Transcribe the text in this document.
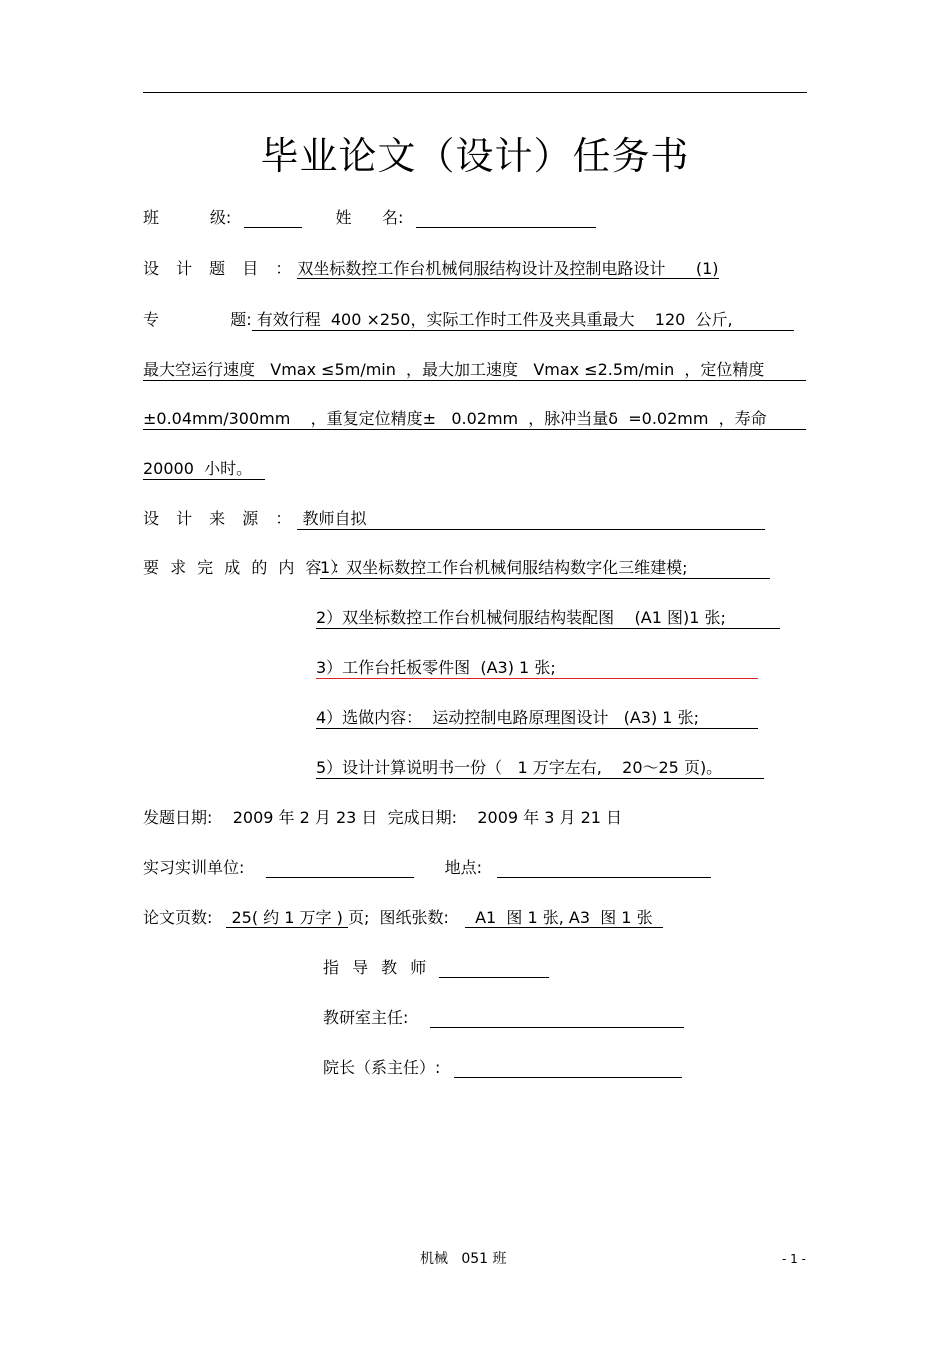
毕业论文（设计）任务书
班          级:	姓      名:
设 计 题 目 ：双坐标数控工作台机械伺服结构设计及控制电路设计      (1)
专              题: 有效行程  400 ×250，实际工作时工件及夹具重最大    120  公斤,
最大空运行速度   Vmax ≤5m/min  ，最大加工速度   Vmax ≤2.5m/min  ，定位精度
±0.04mm/300mm    ，重复定位精度±   0.02mm  ，脉冲当量δ  =0.02mm  ，寿命
20000  小时。
设 计 来 源 ： 教师自拟
要 求 完 成 的 内 容 ：
1）双坐标数控工作台机械伺服结构数字化三维建模;
2）双坐标数控工作台机械伺服结构装配图    (A1 图)1 张;
3）工作台托板零件图  (A3) 1 张;
4）选做内容：  运动控制电路原理图设计   (A3) 1 张;
5）设计计算说明书一份（   1 万字左右,    20～25 页)。
发题日期:    2009 年 2 月 23 日  完成日期:    2009 年 3 月 21 日
实习实训单位:	地点:
论文页数: 25( 约 1 万字 ) 页;  图纸张数:  A1  图 1 张, A3  图 1 张
指 导 教 师
教研室主任:
院长（系主任）:
机械   051 班	- 1 -
